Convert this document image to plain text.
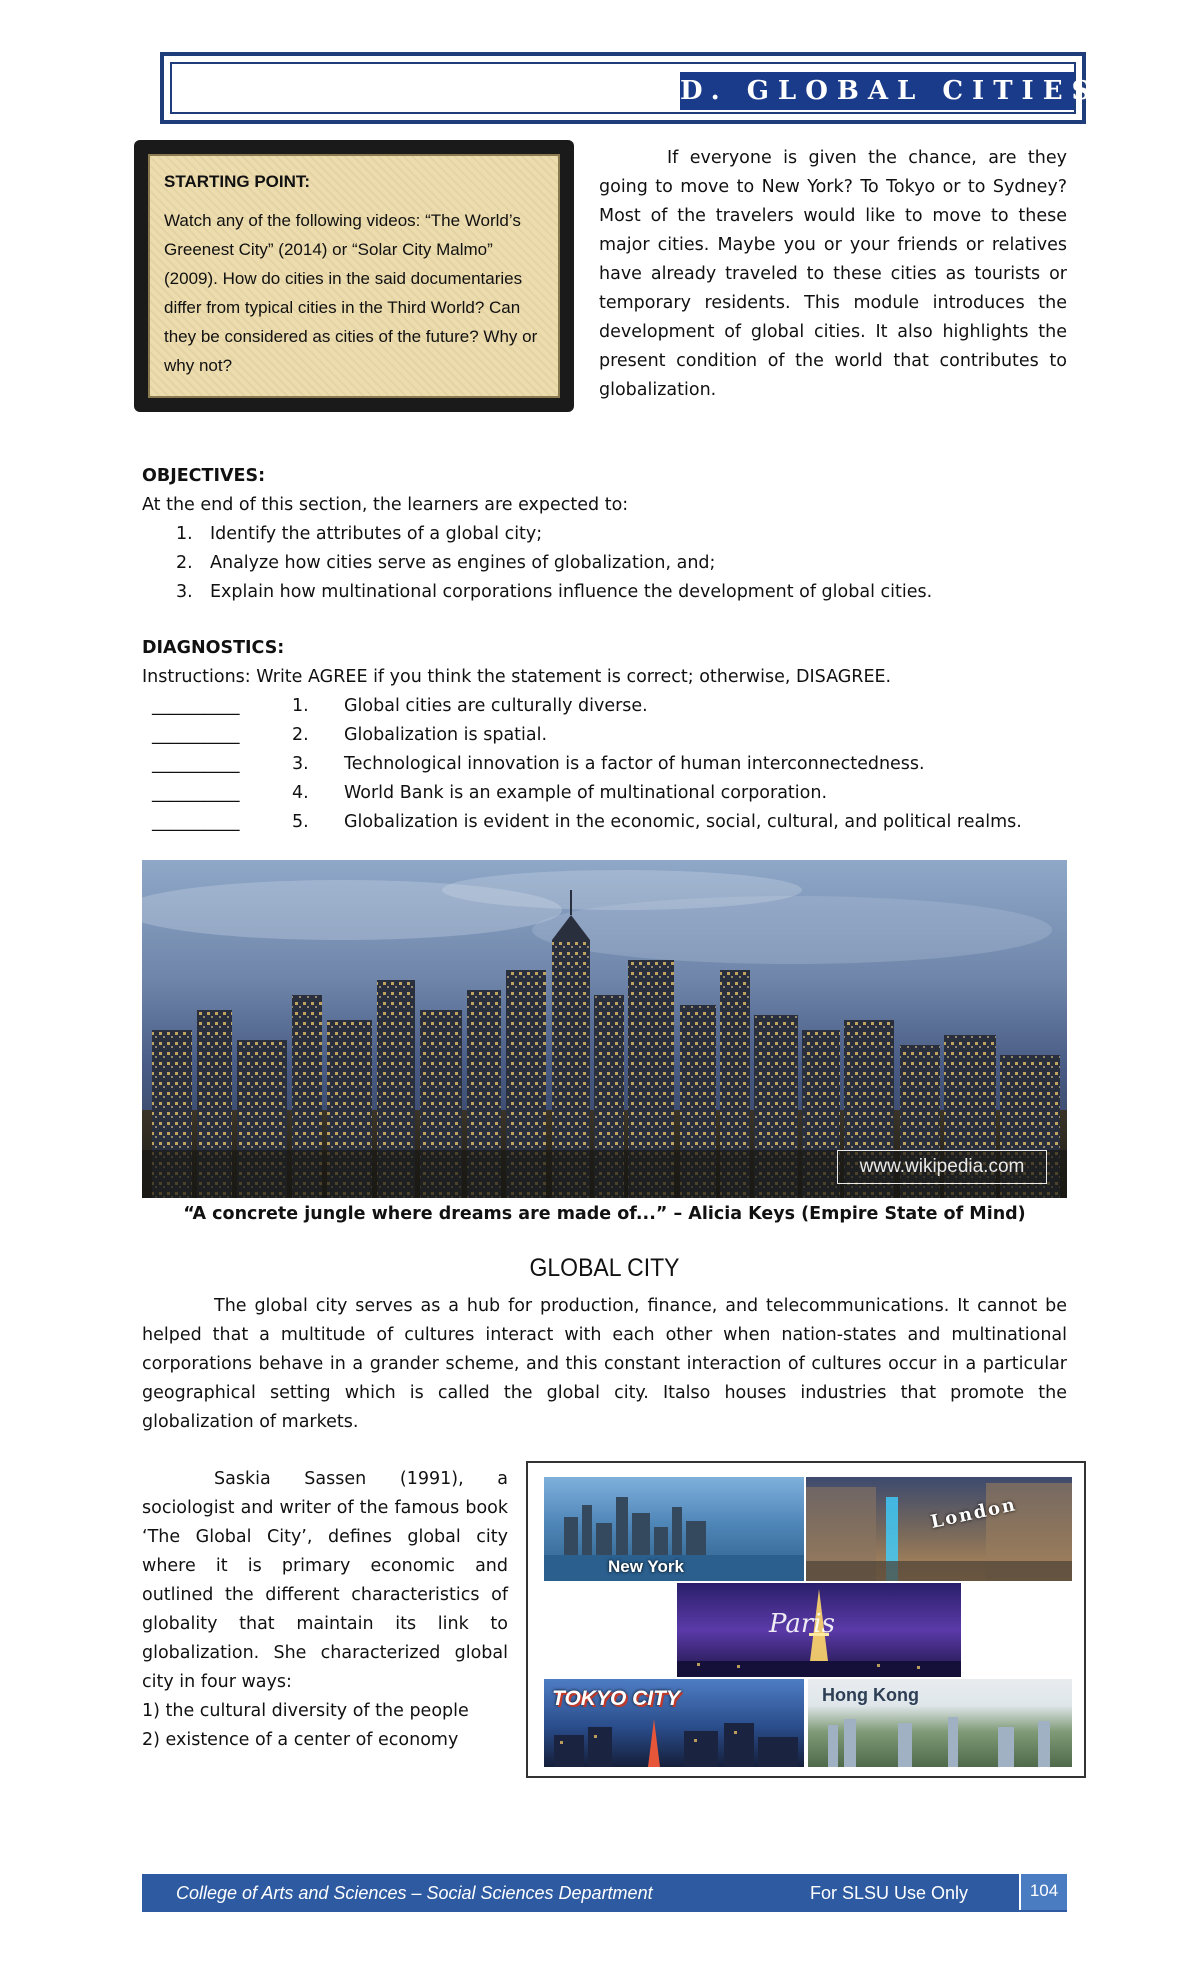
D. GLOBAL CITIES
STARTING POINT:
Watch any of the following videos: “The World’s Greenest City” (2014) or “Solar City Malmo” (2009). How do cities in the said documentaries differ from typical cities in the Third World? Can they be considered as cities of the future? Why or why not?
If everyone is given the chance, are they going to move to New York? To Tokyo or to Sydney? Most of the travelers would like to move to these major cities. Maybe you or your friends or relatives have already traveled to these cities as tourists or temporary residents. This module introduces the development of global cities. It also highlights the present condition of the world that contributes to globalization.
OBJECTIVES:
At the end of this section, the learners are expected to:
1. Identify the attributes of a global city;
2. Analyze how cities serve as engines of globalization, and;
3. Explain how multinational corporations influence the development of global cities.
DIAGNOSTICS:
Instructions: Write AGREE if you think the statement is correct; otherwise, DISAGREE.
__________	1.	Global cities are culturally diverse.
__________	2.	Globalization is spatial.
__________	3.	Technological innovation is a factor of human interconnectedness.
__________	4.	World Bank is an example of multinational corporation.
__________	5.	Globalization is evident in the economic, social, cultural, and political realms.
www.wikipedia.com
“A concrete jungle where dreams are made of...” – Alicia Keys (Empire State of Mind)
GLOBAL CITY
The global city serves as a hub for production, finance, and telecommunications. It cannot be helped that a multitude of cultures interact with each other when nation-states and multinational corporations behave in a grander scheme, and this constant interaction of cultures occur in a particular geographical setting which is called the global city. Italso houses industries that promote the globalization of markets.
Saskia Sassen (1991), a sociologist and writer of the famous book ‘The Global City’, defines global city where it is primary economic and outlined the different characteristics of globality that maintain its link to globalization. She characterized global city in four ways:
1) the cultural diversity of the people
2) existence of a center of economy
New York
London
Paris
TOKYO CITY	Hong Kong
College of Arts and Sciences – Social Sciences Department	For SLSU Use Only	104
